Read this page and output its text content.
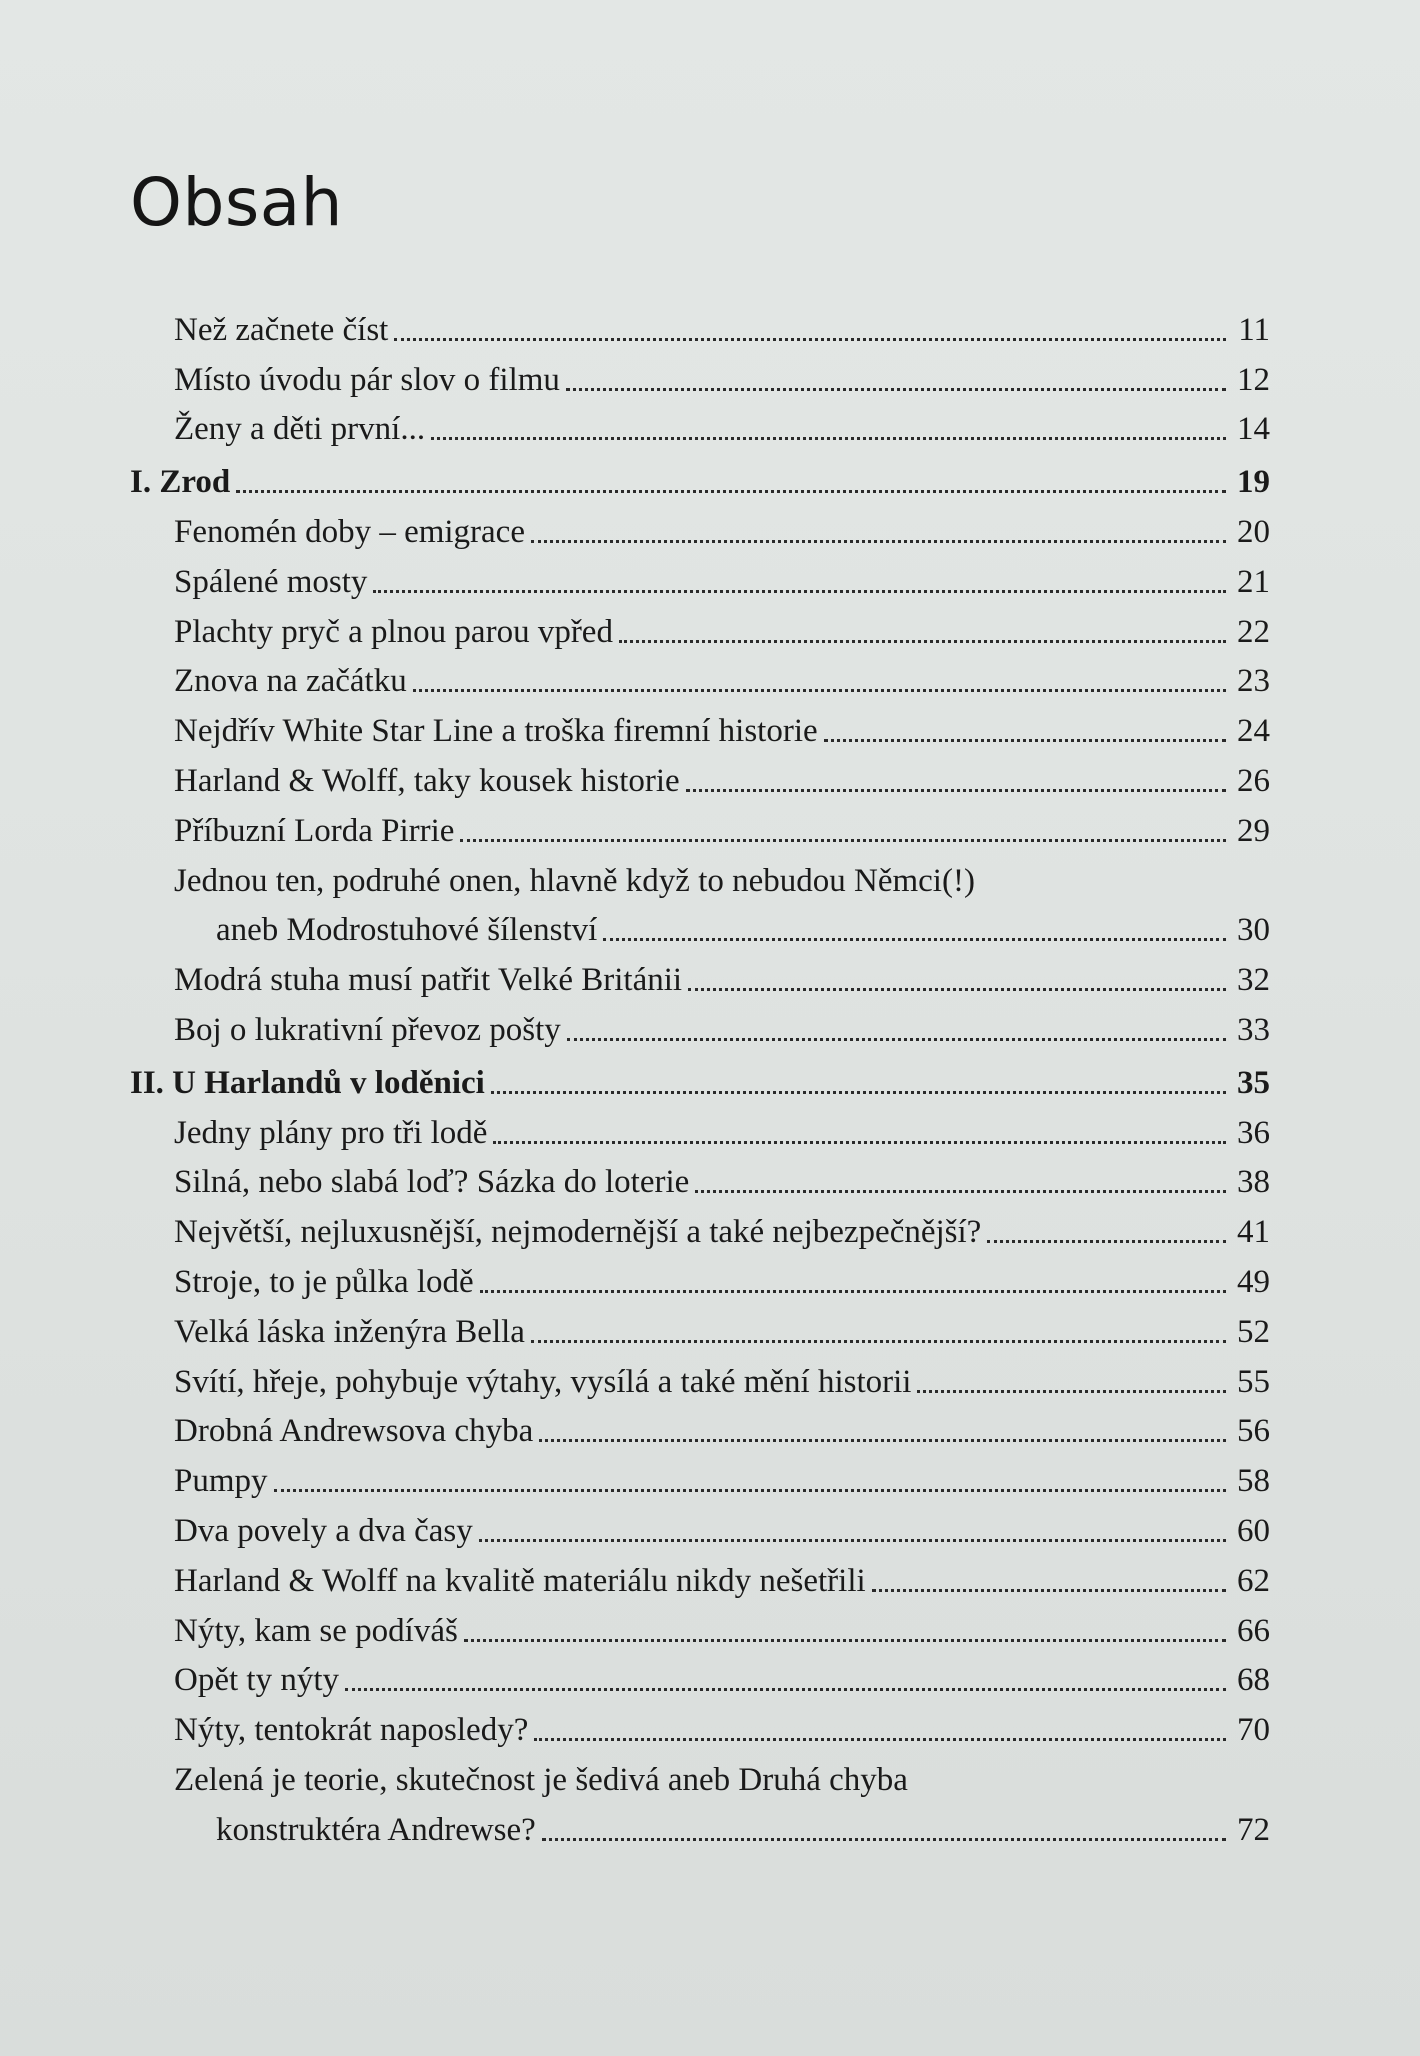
Obsah
Než začnete číst	11
Místo úvodu pár slov o filmu	12
Ženy a děti první...	14
I. Zrod	19
Fenomén doby – emigrace	20
Spálené mosty	21
Plachty pryč a plnou parou vpřed	22
Znova na začátku	23
Nejdřív White Star Line a troška firemní historie	24
Harland & Wolff, taky kousek historie	26
Příbuzní Lorda Pirrie	29
Jednou ten, podruhé onen, hlavně když to nebudou Němci(!)
aneb Modrostuhové šílenství	30
Modrá stuha musí patřit Velké Británii	32
Boj o lukrativní převoz pošty	33
II. U Harlandů v loděnici	35
Jedny plány pro tři lodě	36
Silná, nebo slabá loď? Sázka do loterie	38
Největší, nejluxusnější, nejmodernější a také nejbezpečnější?	41
Stroje, to je půlka lodě	49
Velká láska inženýra Bella	52
Svítí, hřeje, pohybuje výtahy, vysílá a také mění historii	55
Drobná Andrewsova chyba	56
Pumpy	58
Dva povely a dva časy	60
Harland & Wolff na kvalitě materiálu nikdy nešetřili	62
Nýty, kam se podíváš	66
Opět ty nýty	68
Nýty, tentokrát naposledy?	70
Zelená je teorie, skutečnost je šedivá aneb Druhá chyba
konstruktéra Andrewse?	72
